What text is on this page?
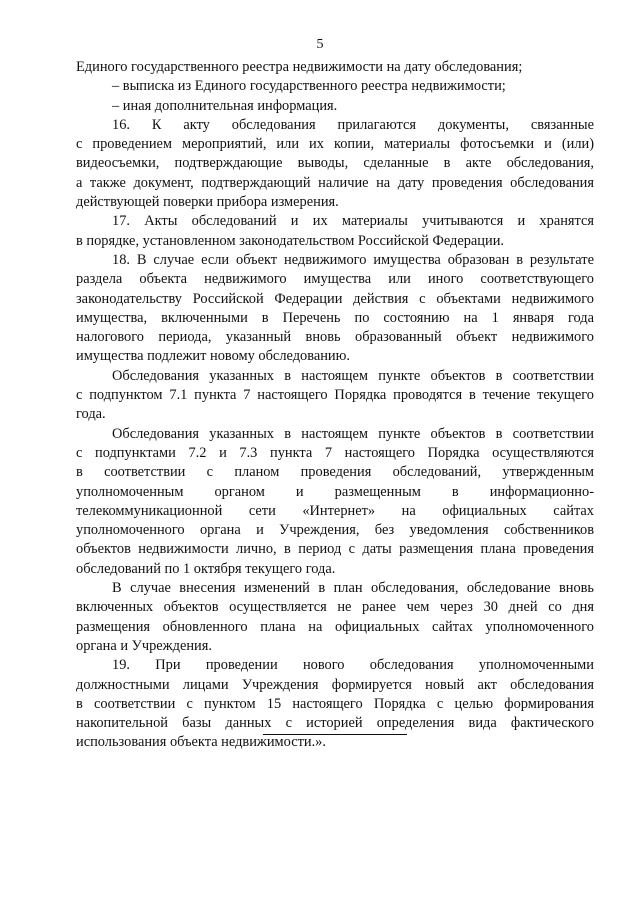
5

Единого государственного реестра недвижимости на дату обследования;

– выписка из Единого государственного реестра недвижимости;

– иная дополнительная информация.

16. К акту обследования прилагаются документы, связанные

с проведением мероприятий, или их копии, материалы фотосъемки и (или)

видеосъемки, подтверждающие выводы, сделанные в акте обследования,

а также документ, подтверждающий наличие на дату проведения обследования

действующей поверки прибора измерения.

17. Акты обследований и их материалы учитываются и хранятся

в порядке, установленном законодательством Российской Федерации.

18. В случае если объект недвижимого имущества образован в результате

раздела объекта недвижимого имущества или иного соответствующего

законодательству Российской Федерации действия с объектами недвижимого

имущества, включенными в Перечень по состоянию на 1 января года

налогового периода, указанный вновь образованный объект недвижимого

имущества подлежит новому обследованию.

Обследования указанных в настоящем пункте объектов в соответствии

с подпунктом 7.1 пункта 7 настоящего Порядка проводятся в течение текущего

года.

Обследования указанных в настоящем пункте объектов в соответствии

с подпунктами 7.2 и 7.3 пункта 7 настоящего Порядка осуществляются

в соответствии с планом проведения обследований, утвержденным

уполномоченным органом и размещенным в информационно-

телекоммуникационной сети «Интернет» на официальных сайтах

уполномоченного органа и Учреждения, без уведомления собственников

объектов недвижимости лично, в период с даты размещения плана проведения

обследований по 1 октября текущего года.

В случае внесения изменений в план обследования, обследование вновь

включенных объектов осуществляется не ранее чем через 30 дней со дня

размещения обновленного плана на официальных сайтах уполномоченного

органа и Учреждения.

19. При проведении нового обследования уполномоченными

должностными лицами Учреждения формируется новый акт обследования

в соответствии с пунктом 15 настоящего Порядка с целью формирования

накопительной базы данных с историей определения вида фактического

использования объекта недвижимости.».
